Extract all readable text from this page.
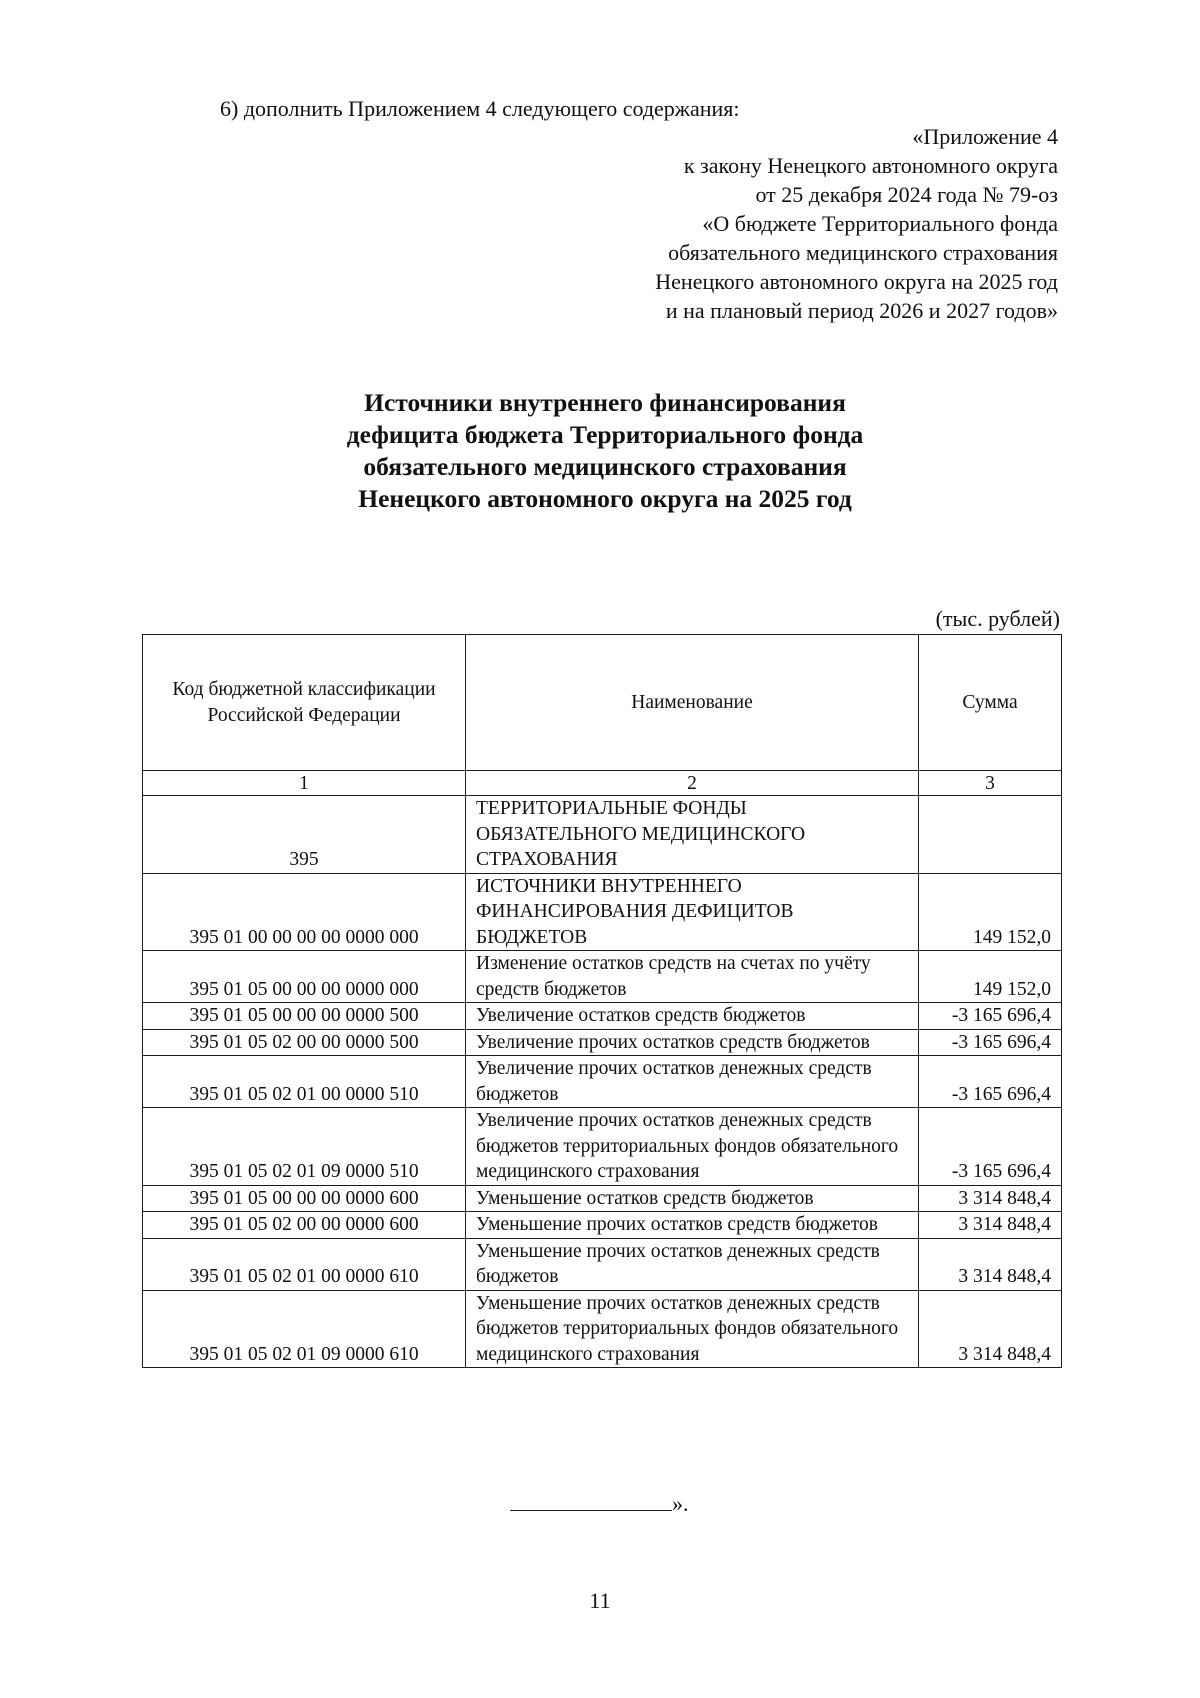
6) дополнить Приложением 4 следующего содержания:
«Приложение 4
к закону Ненецкого автономного округа
от 25 декабря 2024 года № 79-оз
«О бюджете Территориального фонда
обязательного медицинского страхования
Ненецкого автономного округа на 2025 год
и на плановый период 2026 и 2027 годов»
Источники внутреннего финансирования
дефицита бюджета Территориального фонда
обязательного медицинского страхования
Ненецкого автономного округа на 2025 год
(тыс. рублей)
Код бюджетной классификации Российской Федерации	Наименование	Сумма
1	2	3
395	ТЕРРИТОРИАЛЬНЫЕ ФОНДЫ ОБЯЗАТЕЛЬНОГО МЕДИЦИНСКОГО СТРАХОВАНИЯ	
395 01 00 00 00 00 0000 000	ИСТОЧНИКИ ВНУТРЕННЕГО ФИНАНСИРОВАНИЯ ДЕФИЦИТОВ БЮДЖЕТОВ	149 152,0
395 01 05 00 00 00 0000 000	Изменение остатков средств на счетах по учёту средств бюджетов	149 152,0
395 01 05 00 00 00 0000 500	Увеличение остатков средств бюджетов	-3 165 696,4
395 01 05 02 00 00 0000 500	Увеличение прочих остатков средств бюджетов	-3 165 696,4
395 01 05 02 01 00 0000 510	Увеличение прочих остатков денежных средств бюджетов	-3 165 696,4
395 01 05 02 01 09 0000 510	Увеличение прочих остатков денежных средств бюджетов территориальных фондов обязательного медицинского страхования	-3 165 696,4
395 01 05 00 00 00 0000 600	Уменьшение остатков средств бюджетов	3 314 848,4
395 01 05 02 00 00 0000 600	Уменьшение прочих остатков средств бюджетов	3 314 848,4
395 01 05 02 01 00 0000 610	Уменьшение прочих остатков денежных средств бюджетов	3 314 848,4
395 01 05 02 01 09 0000 610	Уменьшение прочих остатков денежных средств бюджетов территориальных фондов обязательного медицинского страхования	3 314 848,4
».
11
